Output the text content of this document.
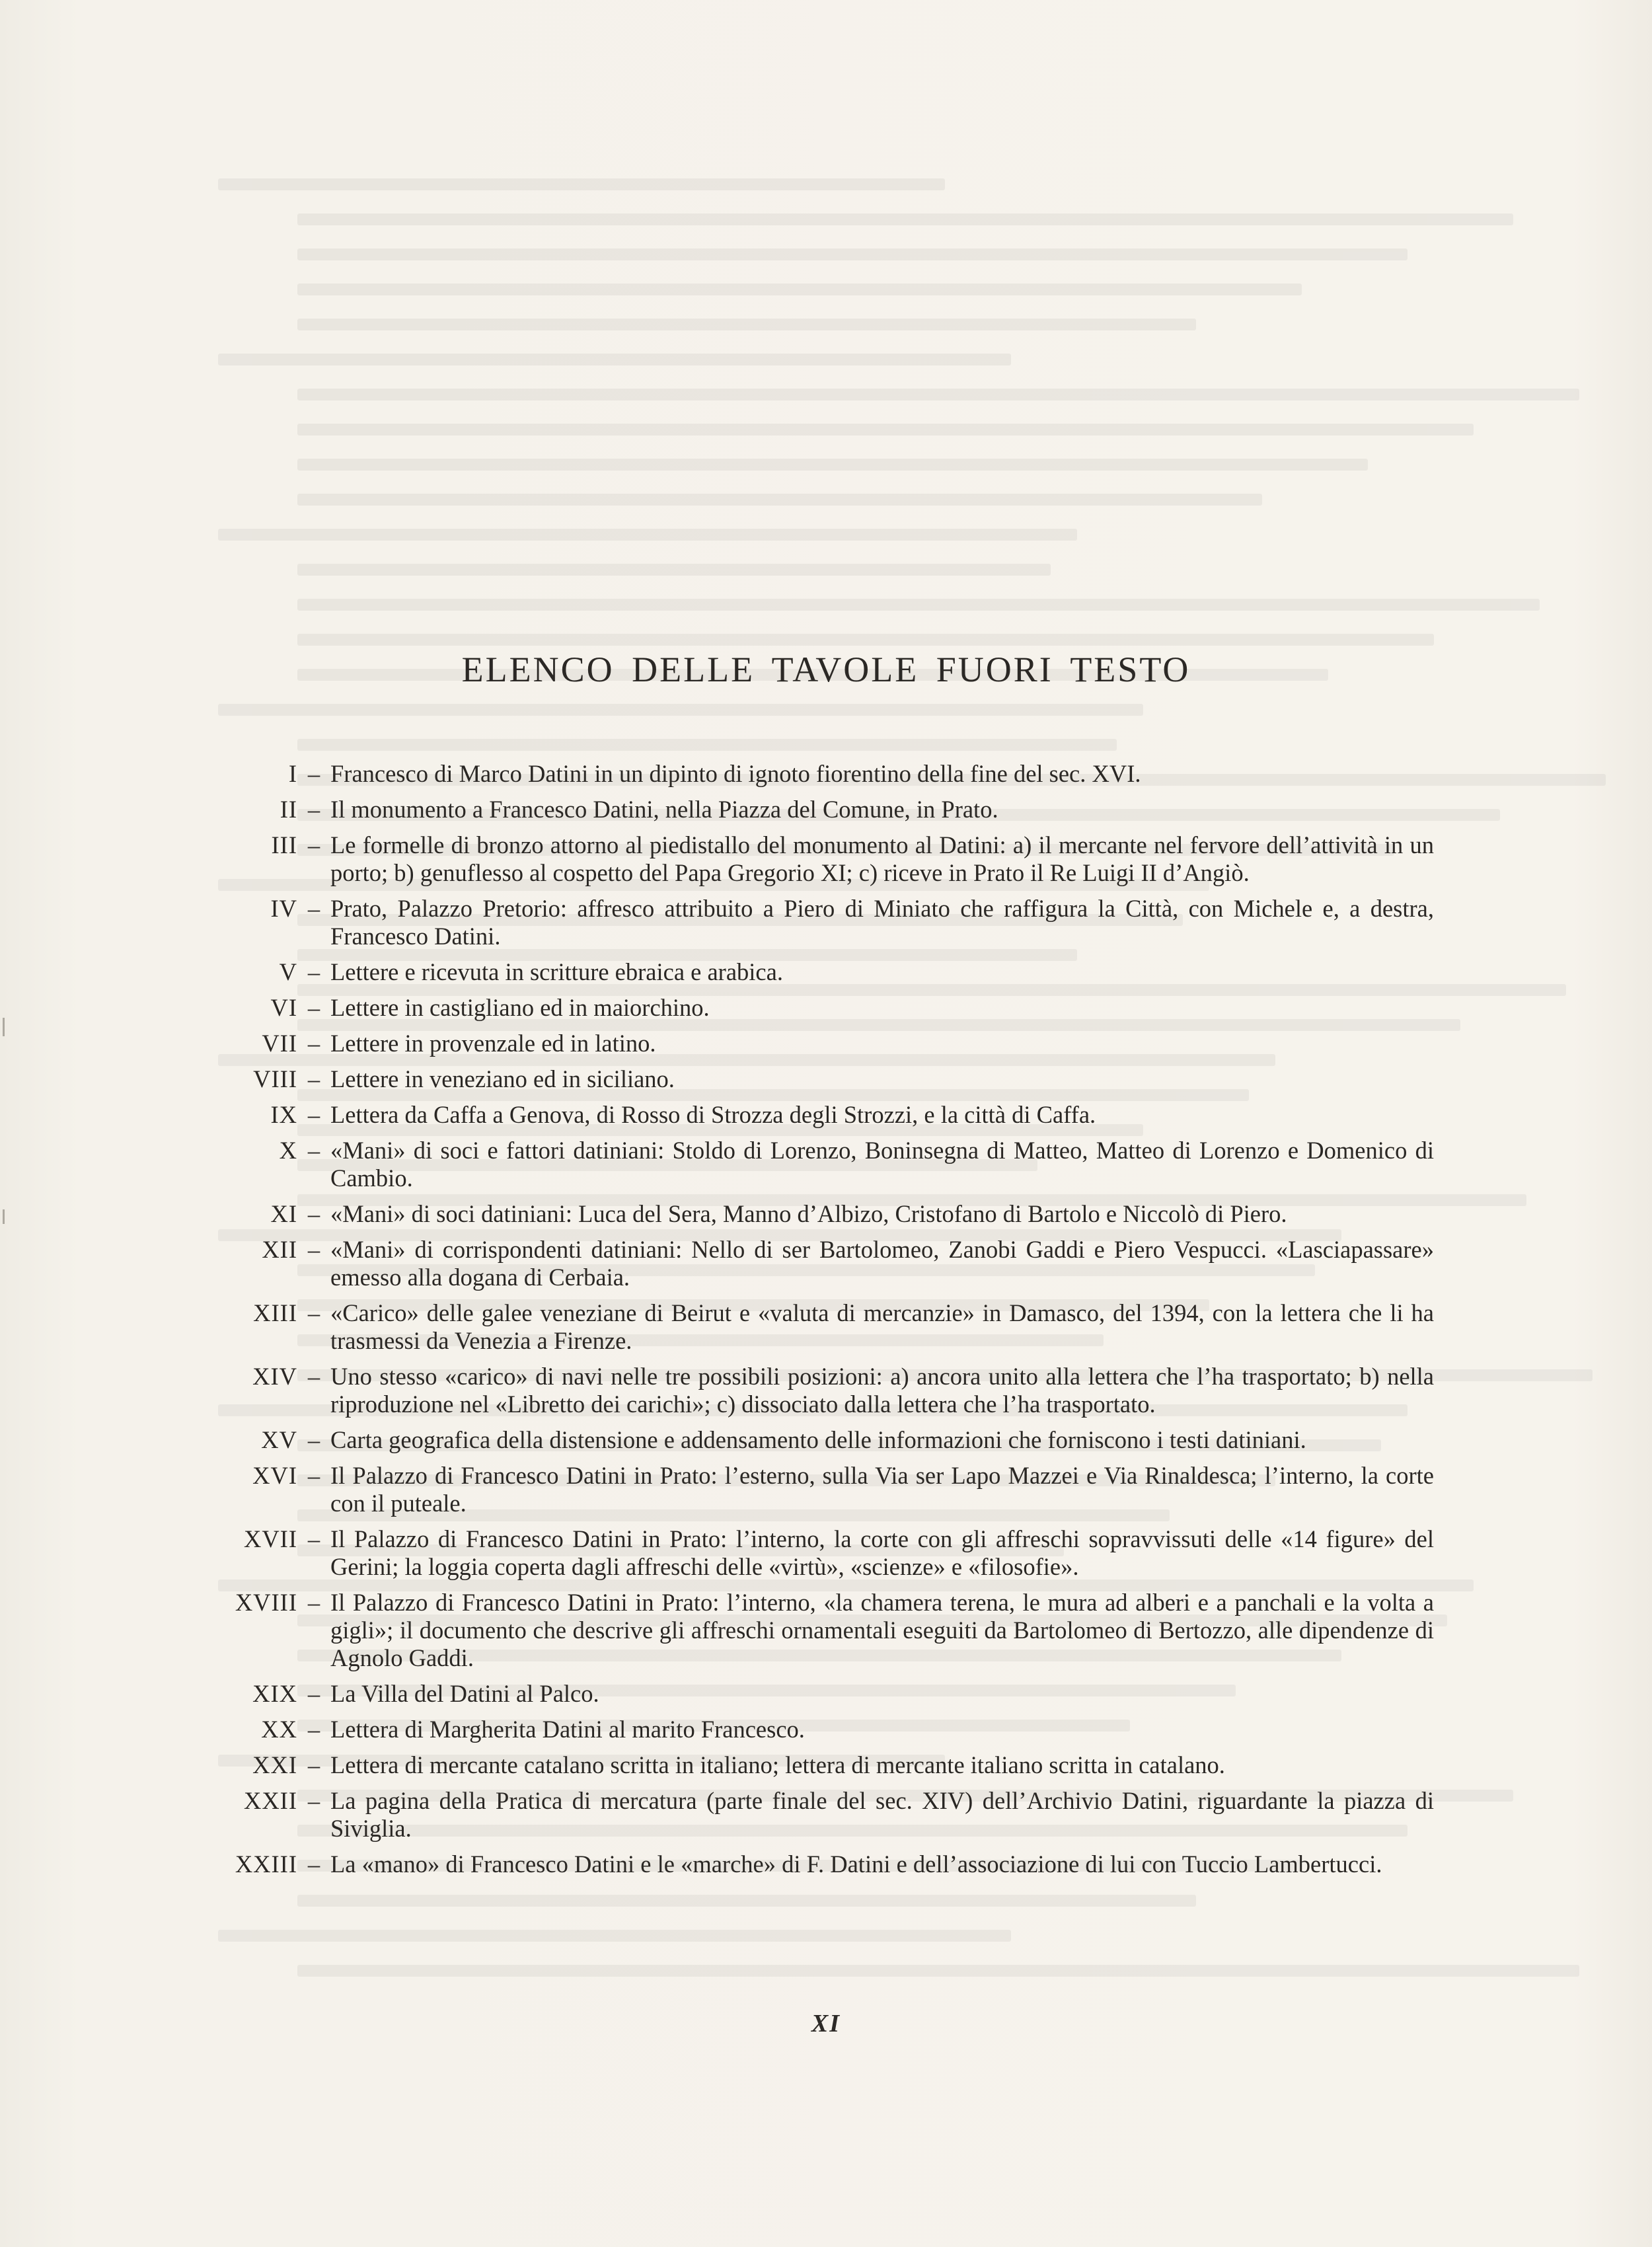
ELENCO DELLE TAVOLE FUORI TESTO
I – Francesco di Marco Datini in un dipinto di ignoto fiorentino della fine del sec. XVI.
II – Il monumento a Francesco Datini, nella Piazza del Comune, in Prato.
III – Le formelle di bronzo attorno al piedistallo del monumento al Datini: a) il mercante nel fervore dell’attività in un porto; b) genuflesso al cospetto del Papa Gregorio XI; c) riceve in Prato il Re Luigi II d’Angiò.
IV – Prato, Palazzo Pretorio: affresco attribuito a Piero di Miniato che raffigura la Città, con Michele e, a destra, Francesco Datini.
V – Lettere e ricevuta in scritture ebraica e arabica.
VI – Lettere in castigliano ed in maiorchino.
VII – Lettere in provenzale ed in latino.
VIII – Lettere in veneziano ed in siciliano.
IX – Lettera da Caffa a Genova, di Rosso di Strozza degli Strozzi, e la città di Caffa.
X – «Mani» di soci e fattori datiniani: Stoldo di Lorenzo, Boninsegna di Matteo, Matteo di Lorenzo e Domenico di Cambio.
XI – «Mani» di soci datiniani: Luca del Sera, Manno d’Albizo, Cristofano di Bartolo e Niccolò di Piero.
XII – «Mani» di corrispondenti datiniani: Nello di ser Bartolomeo, Zanobi Gaddi e Piero Vespucci. «Lasciapassare» emesso alla dogana di Cerbaia.
XIII – «Carico» delle galee veneziane di Beirut e «valuta di mercanzie» in Damasco, del 1394, con la lettera che li ha trasmessi da Venezia a Firenze.
XIV – Uno stesso «carico» di navi nelle tre possibili posizioni: a) ancora unito alla lettera che l’ha trasportato; b) nella riproduzione nel «Libretto dei carichi»; c) dissociato dalla lettera che l’ha trasportato.
XV – Carta geografica della distensione e addensamento delle informazioni che forniscono i testi datiniani.
XVI – Il Palazzo di Francesco Datini in Prato: l’esterno, sulla Via ser Lapo Mazzei e Via Rinaldesca; l’interno, la corte con il puteale.
XVII – Il Palazzo di Francesco Datini in Prato: l’interno, la corte con gli affreschi sopravvissuti delle «14 figure» del Gerini; la loggia coperta dagli affreschi delle «virtù», «scienze» e «filosofie».
XVIII – Il Palazzo di Francesco Datini in Prato: l’interno, «la chamera terena, le mura ad alberi e a panchali e la volta a gigli»; il documento che descrive gli affreschi ornamentali eseguiti da Bartolomeo di Bertozzo, alle dipendenze di Agnolo Gaddi.
XIX – La Villa del Datini al Palco.
XX – Lettera di Margherita Datini al marito Francesco.
XXI – Lettera di mercante catalano scritta in italiano; lettera di mercante italiano scritta in catalano.
XXII – La pagina della Pratica di mercatura (parte finale del sec. XIV) dell’Archivio Datini, riguardante la piazza di Siviglia.
XXIII – La «mano» di Francesco Datini e le «marche» di F. Datini e dell’associazione di lui con Tuccio Lambertucci.
XI
